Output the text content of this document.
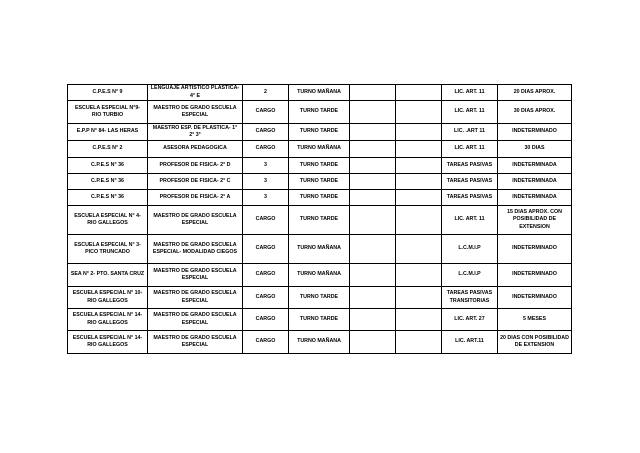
C.P.E.S N° 9	LENGUAJE ARTISTICO PLASTICA- 4° E	2	TURNO MAÑANA			LIC. ART. 11	20 DIAS APROX.
ESCUELA ESPECIAL N°9- RIO TURBIO	MAESTRO DE GRADO ESCUELA ESPECIAL	CARGO	TURNO TARDE			LIC. ART. 11	30 DIAS APROX.
E.P.P N° 84- LAS HERAS	MAESTRO ESP. DE PLASTICA- 1° 2° 3°	CARGO	TURNO TARDE			LIC. .ART 11	INDETERMINADO
C.P.E.S N° 2	ASESORA PEDAGOGICA	CARGO	TURNO MAÑANA			LIC. ART. 11	30 DIAS
C.P.E.S N° 36	PROFESOR DE FISICA- 2° D	3	TURNO TARDE			TAREAS PASIVAS	INDETERMINADA
C.P.E.S N° 36	PROFESOR DE FISICA- 2° C	3	TURNO TARDE			TAREAS PASIVAS	INDETERMINADA
C.P.E.S N° 36	PROFESOR DE FISICA- 2° A	3	TURNO TARDE			TAREAS PASIVAS	INDETERMINADA
ESCUELA ESPECIAL N° 4- RIO GALLEGOS	MAESTRO DE GRADO ESCUELA ESPECIAL	CARGO	TURNO TARDE			LIC. ART. 11	15 DIAS APROX. CON POSIBILIDAD DE EXTENSION
ESCUELA ESPECIAL N° 3- PICO TRUNCADO	MAESTRO DE GRADO ESCUELA ESPECIAL- MODALIDAD CIEGOS	CARGO	TURNO MAÑANA			L.C.M.I.P	INDETERMINADO
SEA N° 2- PTO. SANTA CRUZ	MAESTRO DE GRADO ESCUELA ESPECIAL	CARGO	TURNO MAÑANA			L.C.M.I.P	INDETERMINADO
ESCUELA ESPECIAL N° 10- RIO GALLEGOS	MAESTRO DE GRADO ESCUELA ESPECIAL	CARGO	TURNO TARDE			TAREAS PASIVAS TRANSITORIAS	INDETERMINADO
ESCUELA ESPECIAL N° 14- RIO GALLEGOS	MAESTRO DE GRADO ESCUELA ESPECIAL	CARGO	TURNO TARDE			LIC. ART. 27	5 MESES
ESCUELA ESPECIAL N° 14- RIO GALLEGOS	MAESTRO DE GRADO ESCUELA ESPECIAL	CARGO	TURNO MAÑANA			LIC. ART.11	20 DIAS CON POSIBILIDAD DE EXTENSION
